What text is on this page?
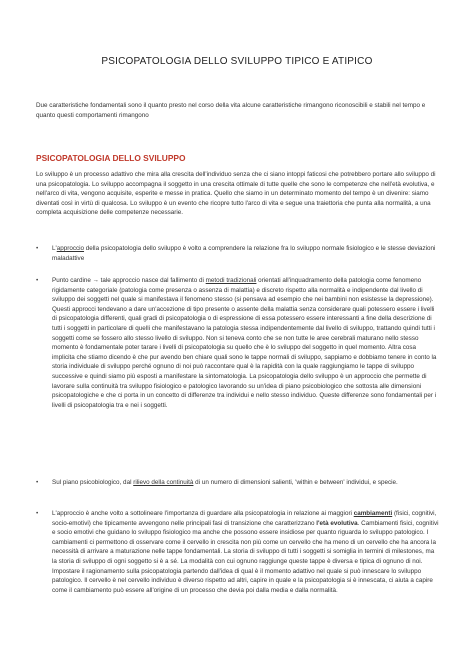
PSICOPATOLOGIA DELLO SVILUPPO TIPICO E ATIPICO
Due caratteristiche fondamentali sono il quanto presto nel corso della vita alcune caratteristiche rimangono riconoscibili e stabili nel tempo e quanto questi comportamenti rimangono
PSICOPATOLOGIA DELLO SVILUPPO
Lo sviluppo è un processo adattivo che mira alla crescita dell'individuo senza che ci siano intoppi faticosi che potrebbero portare allo sviluppo di una psicopatologia. Lo sviluppo accompagna il soggetto in una crescita ottimale di tutte quelle che sono le competenze che nell'età evolutiva, e nell'arco di vita, vengono acquisite, esperite e messe in pratica. Quello che siamo in un determinato momento del tempo è un divenire: siamo diventati così in virtù di qualcosa. Lo sviluppo è un evento che ricopre tutto l'arco di vita e segue una traiettoria che punta alla normalità, a una completa acquisizione delle competenze necessarie.
• L'approccio della psicopatologia dello sviluppo è volto a comprendere la relazione fra lo sviluppo normale fisiologico e le stesse deviazioni maladattive
• Punto cardine → tale approccio nasce dal fallimento di metodi tradizionali orientati all'inquadramento della patologia come fenomeno rigidamente categoriale (patologia come presenza o assenza di malattia) e discreto rispetto alla normalità e indipendente dal livello di sviluppo dei soggetti nel quale si manifestava il fenomeno stesso (si pensava ad esempio che nei bambini non esistesse la depressione). Questi approcci tendevano a dare un'accezione di tipo presente o assente della malattia senza considerare quali potessero essere i livelli di psicopatologia differenti, quali gradi di psicopatologia o di espressione di essa potessero essere interessanti a fine della descrizione di tutti i soggetti in particolare di quelli che manifestavano la patologia stessa indipendentemente dal livello di sviluppo, trattando quindi tutti i soggetti come se fossero allo stesso livello di sviluppo. Non si teneva conto che se non tutte le aree cerebrali maturano nello stesso momento è fondamentale poter tarare i livelli di psicopatologia su quello che è lo sviluppo del soggetto in quel momento. Altra cosa implicita che stiamo dicendo è che pur avendo ben chiare quali sono le tappe normali di sviluppo, sappiamo e dobbiamo tenere in conto la storia individuale di sviluppo perché ognuno di noi può raccontare qual è la rapidità con la quale raggiungiamo le tappe di sviluppo successive e quindi siamo più esposti a manifestare la sintomatologia. La psicopatologia dello sviluppo è un approccio che permette di lavorare sulla continuità tra sviluppo fisiologico e patologico lavorando su un'idea di piano psicobiologico che sottosta alle dimensioni psicopatologiche e che ci porta in un concetto di differenze tra individui e nello stesso individuo. Queste differenze sono fondamentali per i livelli di psicopatologia tra e nei i soggetti.
• Sul piano psicobiologico, dal rilievo della continuità di un numero di dimensioni salienti, 'within e between' individui, e specie.
• L'approccio è anche volto a sottolineare l'importanza di guardare alla psicopatologia in relazione ai maggiori cambiamenti (fisici, cognitivi, socio-emotivi) che tipicamente avvengono nelle principali fasi di transizione che caratterizzano l'età evolutiva. Cambiamenti fisici, cognitivi e socio emotivi che guidano lo sviluppo fisiologico ma anche che possono essere insidiose per quanto riguarda lo sviluppo patologico. I cambiamenti ci permettono di osservare come il cervello in crescita non più come un cervello che ha meno di un cervello che ha ancora la necessità di arrivare a maturazione nelle tappe fondamentali. La storia di sviluppo di tutti i soggetti si somiglia in termini di milestones, ma la storia di sviluppo di ogni soggetto si è a sé. La modalità con cui ognuno raggiunge queste tappe è diversa e tipica di ognuno di noi. Impostare il ragionamento sulla psicopatologia partendo dall'idea di qual è il momento adattivo nel quale si può innescare lo sviluppo patologico. Il cervello è nel cervello individuo è diverso rispetto ad altri, capire in quale e la psicopatologia si è innescata, ci aiuta a capire come il cambiamento può essere all'origine di un processo che devia poi dalla media e dalla normalità.
